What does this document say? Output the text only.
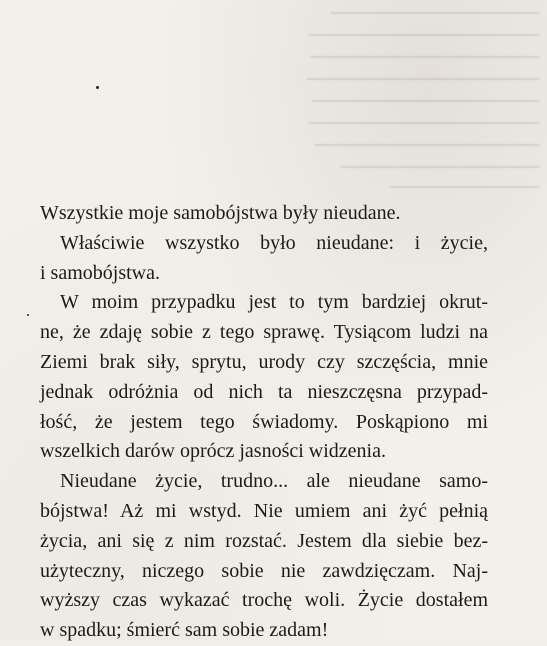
Wszystkie moje samobójstwa były nieudane.
Właściwie wszystko było nieudane: i życie,
i samobójstwa.
W moim przypadku jest to tym bardziej okrut-
ne, że zdaję sobie z tego sprawę. Tysiącom ludzi na
Ziemi brak siły, sprytu, urody czy szczęścia, mnie
jednak odróżnia od nich ta nieszczęsna przypad-
łość, że jestem tego świadomy. Poskąpiono mi
wszelkich darów oprócz jasności widzenia.
Nieudane życie, trudno... ale nieudane samo-
bójstwa! Aż mi wstyd. Nie umiem ani żyć pełnią
życia, ani się z nim rozstać. Jestem dla siebie bez-
użyteczny, niczego sobie nie zawdzięczam. Naj-
wyższy czas wykazać trochę woli. Życie dostałem
w spadku; śmierć sam sobie zadam!
